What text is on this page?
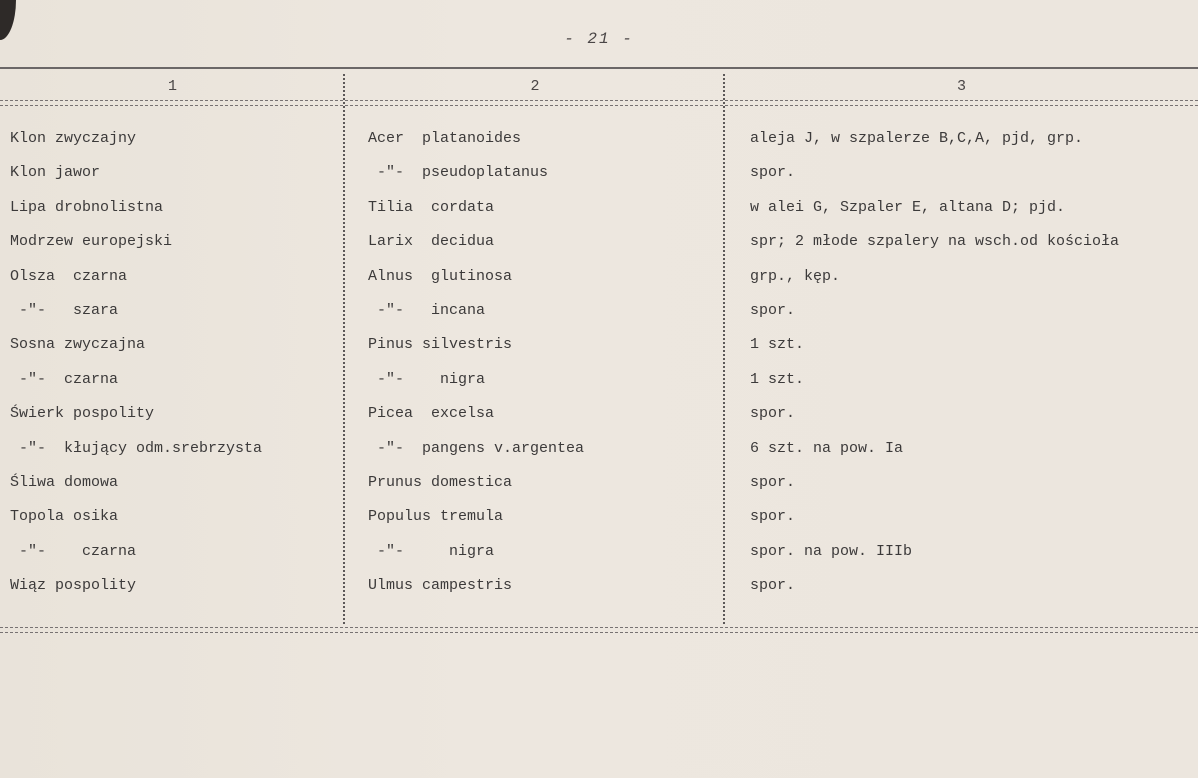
- 21 -
1	2	3
Klon zwyczajny	Acer  platanoides	aleja J, w szpalerze B,C,A, pjd, grp.
Klon jawor	-"-  pseudoplatanus	spor.
Lipa drobnolistna	Tilia  cordata	w alei G, Szpaler E, altana D; pjd.
Modrzew europejski	Larix  decidua	spr; 2 młode szpalery na wsch.od kościoła
Olsza  czarna	Alnus  glutinosa	grp., kęp.
-"-   szara	-"-   incana	spor.
Sosna zwyczajna	Pinus silvestris	1 szt.
-"-  czarna	-"-    nigra	1 szt.
Świerk pospolity	Picea  excelsa	spor.
-"-  kłujący odm.srebrzysta	-"-  pangens v.argentea	6 szt. na pow. Ia
Śliwa domowa	Prunus domestica	spor.
Topola osika	Populus tremula	spor.
-"-    czarna	-"-     nigra	spor. na pow. IIIb
Wiąz pospolity	Ulmus campestris	spor.
